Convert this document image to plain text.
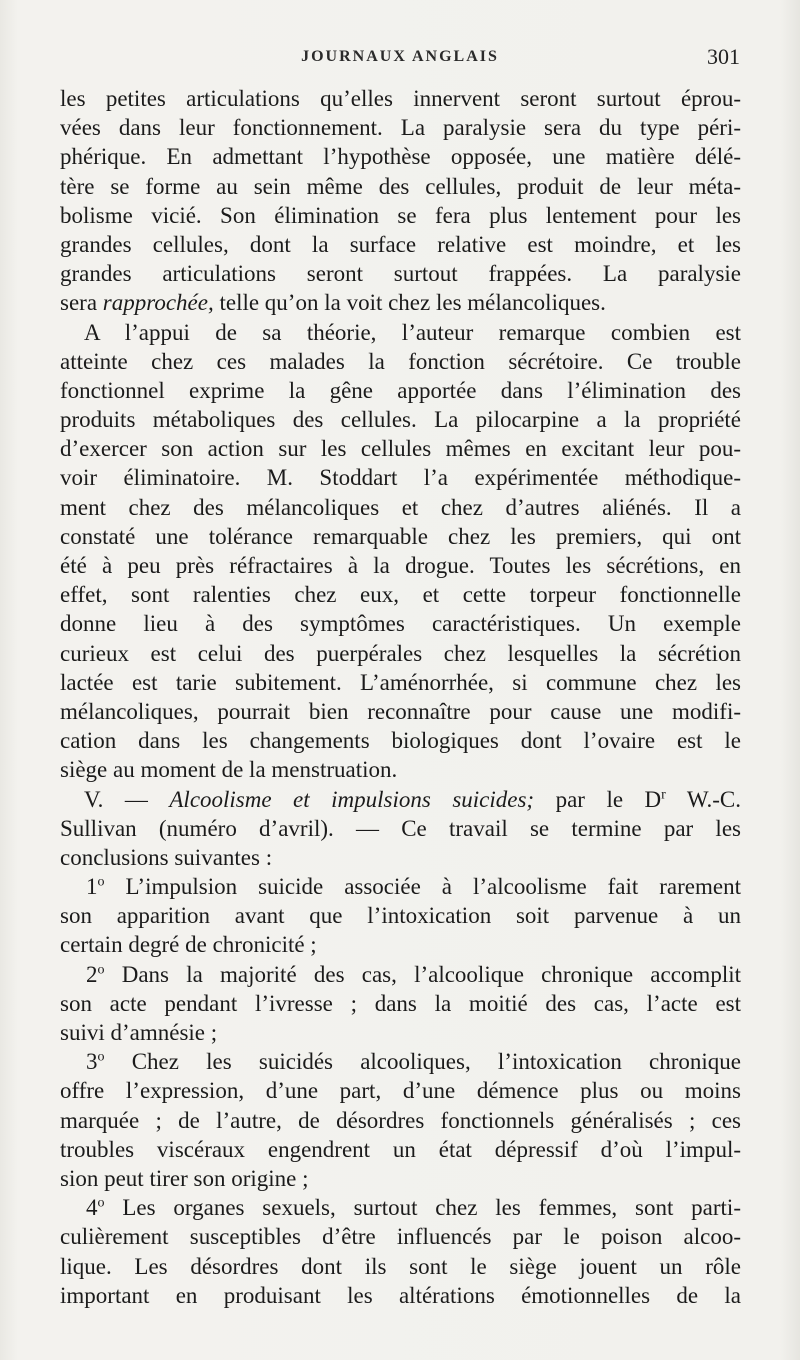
JOURNAUX ANGLAIS	301
les petites articulations qu’elles innervent seront surtout éprou-
vées dans leur fonctionnement. La paralysie sera du type péri-
phérique. En admettant l’hypothèse opposée, une matière délé-
tère se forme au sein même des cellules, produit de leur méta-
bolisme vicié. Son élimination se fera plus lentement pour les
grandes cellules, dont la surface relative est moindre, et les
grandes articulations seront surtout frappées. La paralysie
sera rapprochée, telle qu’on la voit chez les mélancoliques.
A l’appui de sa théorie, l’auteur remarque combien est
atteinte chez ces malades la fonction sécrétoire. Ce trouble
fonctionnel exprime la gêne apportée dans l’élimination des
produits métaboliques des cellules. La pilocarpine a la propriété
d’exercer son action sur les cellules mêmes en excitant leur pou-
voir éliminatoire. M. Stoddart l’a expérimentée méthodique-
ment chez des mélancoliques et chez d’autres aliénés. Il a
constaté une tolérance remarquable chez les premiers, qui ont
été à peu près réfractaires à la drogue. Toutes les sécrétions, en
effet, sont ralenties chez eux, et cette torpeur fonctionnelle
donne lieu à des symptômes caractéristiques. Un exemple
curieux est celui des puerpérales chez lesquelles la sécrétion
lactée est tarie subitement. L’aménorrhée, si commune chez les
mélancoliques, pourrait bien reconnaître pour cause une modifi-
cation dans les changements biologiques dont l’ovaire est le
siège au moment de la menstruation.
V. — Alcoolisme et impulsions suicides; par le $D^r$ W.-C.
Sullivan (numéro d’avril). — Ce travail se termine par les
conclusions suivantes :
1$^o$ L’impulsion suicide associée à l’alcoolisme fait rarement
son apparition avant que l’intoxication soit parvenue à un
certain degré de chronicité ;
2$^o$ Dans la majorité des cas, l’alcoolique chronique accomplit
son acte pendant l’ivresse ; dans la moitié des cas, l’acte est
suivi d’amnésie ;
3$^o$ Chez les suicidés alcooliques, l’intoxication chronique
offre l’expression, d’une part, d’une démence plus ou moins
marquée ; de l’autre, de désordres fonctionnels généralisés ; ces
troubles viscéraux engendrent un état dépressif d’où l’impul-
sion peut tirer son origine ;
4$^o$ Les organes sexuels, surtout chez les femmes, sont parti-
culièrement susceptibles d’être influencés par le poison alcoo-
lique. Les désordres dont ils sont le siège jouent un rôle
important en produisant les altérations émotionnelles de la
